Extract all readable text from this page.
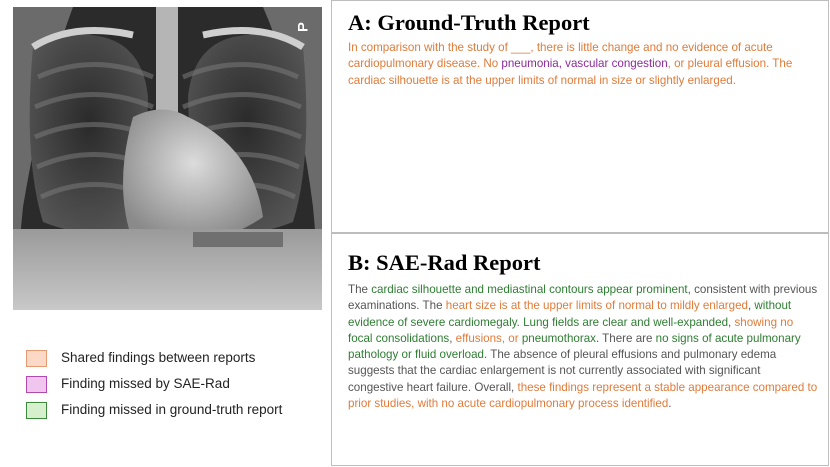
Ԁ A: Ground-Truth Report
In comparison with the study of ___, there is little change and no evidence of acute cardiopulmonary disease. No pneumonia, vascular congestion, or pleural effusion. The cardiac silhouette is at the upper limits of normal in size or slightly enlarged.
B: SAE-Rad Report
The cardiac silhouette and mediastinal contours appear prominent, consistent with previous examinations. The heart size is at the upper limits of normal to mildly enlarged, without evidence of severe cardiomegaly. Lung fields are clear and well-expanded, showing no focal consolidations, effusions, or pneumothorax. There are no signs of acute pulmonary pathology or fluid overload. The absence of pleural effusions and pulmonary edema suggests that the cardiac enlargement is not currently associated with significant congestive heart failure. Overall, these findings represent a stable appearance compared to prior studies, with no acute cardiopulmonary process identified.
Shared findings between reports
Finding missed by SAE-Rad
Finding missed in ground-truth report
